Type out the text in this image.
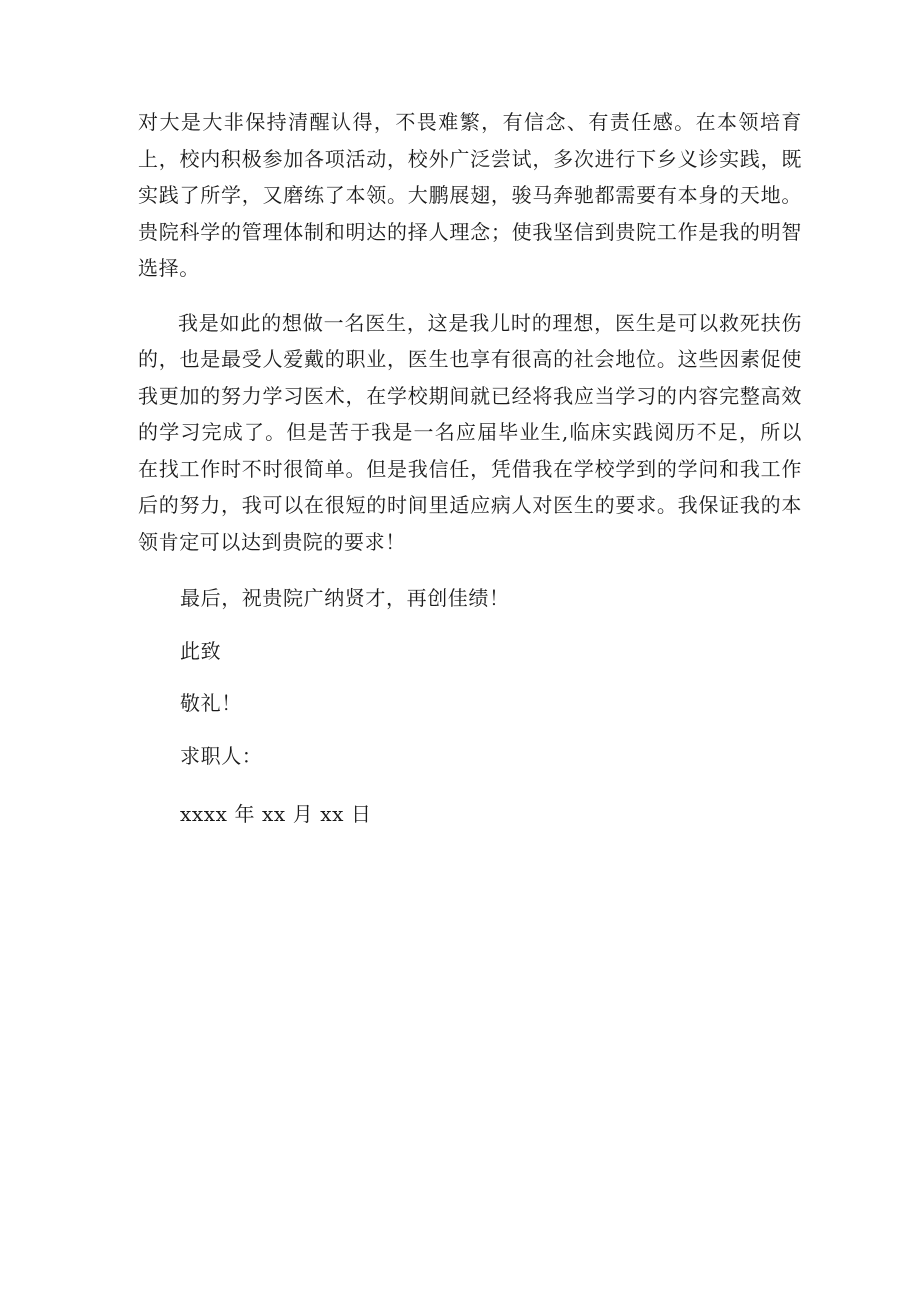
对大是大非保持清醒认得，不畏难繁，有信念、有责任感。在本领培育上，校内积极参加各项活动，校外广泛尝试，多次进行下乡义诊实践，既实践了所学，又磨练了本领。大鹏展翅，骏马奔驰都需要有本身的天地。贵院科学的管理体制和明达的择人理念；使我坚信到贵院工作是我的明智选择。

我是如此的想做一名医生，这是我儿时的理想，医生是可以救死扶伤的，也是最受人爱戴的职业，医生也享有很高的社会地位。这些因素促使我更加的努力学习医术，在学校期间就已经将我应当学习的内容完整高效的学习完成了。但是苦于我是一名应届毕业生,临床实践阅历不足，所以在找工作时不时很简单。但是我信任，凭借我在学校学到的学问和我工作后的努力，我可以在很短的时间里适应病人对医生的要求。我保证我的本领肯定可以达到贵院的要求！

最后，祝贵院广纳贤才，再创佳绩！

此致

敬礼！

求职人：

xxxx 年 xx 月 xx 日
